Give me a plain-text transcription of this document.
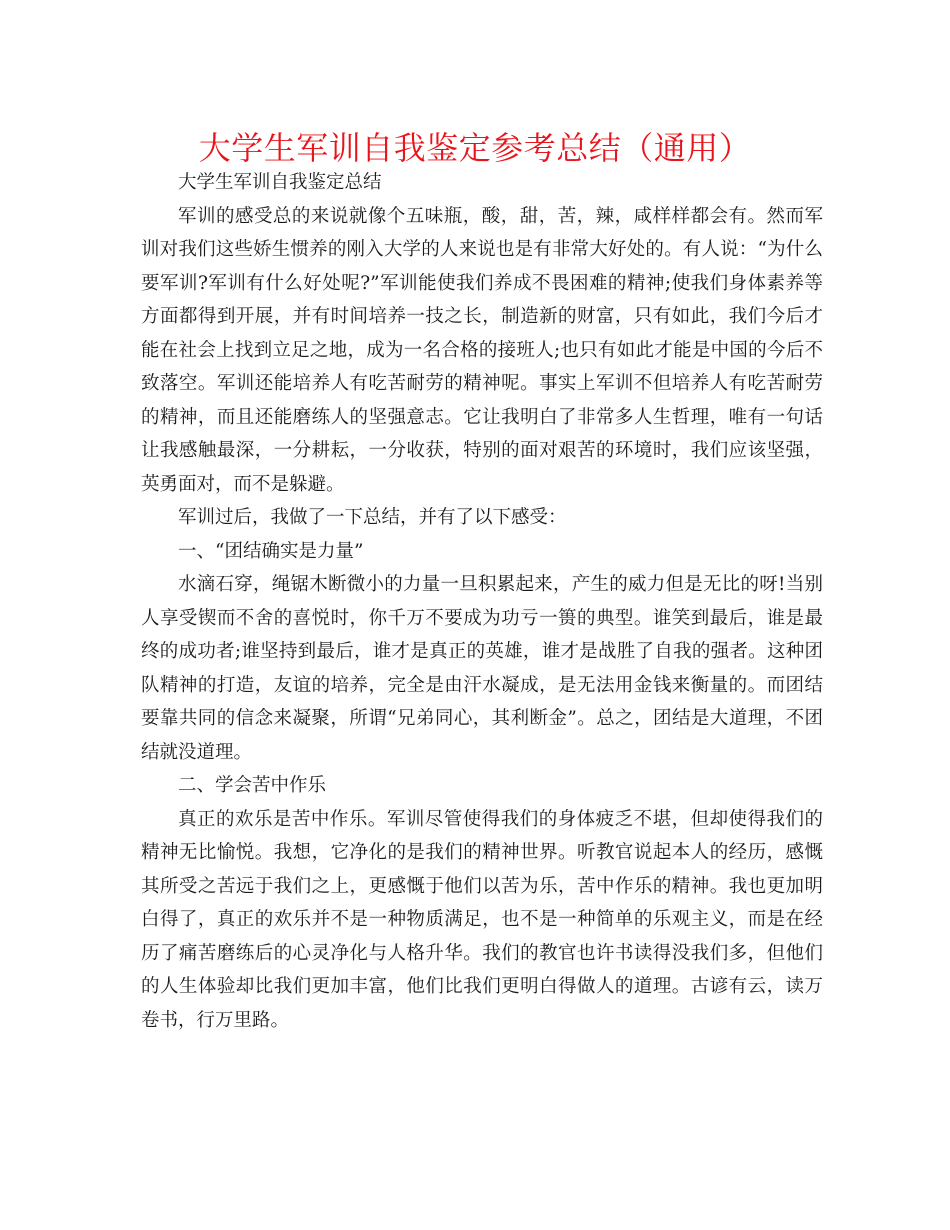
大学生军训自我鉴定参考总结（通用）

大学生军训自我鉴定总结

军训的感受总的来说就像个五味瓶，酸，甜，苦，辣，咸样样都会有。然而军训对我们这些娇生惯养的刚入大学的人来说也是有非常大好处的。有人说：“为什么要军训?军训有什么好处呢?”军训能使我们养成不畏困难的精神;使我们身体素养等方面都得到开展，并有时间培养一技之长，制造新的财富，只有如此，我们今后才能在社会上找到立足之地，成为一名合格的接班人;也只有如此才能是中国的今后不致落空。军训还能培养人有吃苦耐劳的精神呢。事实上军训不但培养人有吃苦耐劳的精神，而且还能磨练人的坚强意志。它让我明白了非常多人生哲理，唯有一句话让我感触最深，一分耕耘，一分收获，特别的面对艰苦的环境时，我们应该坚强，英勇面对，而不是躲避。

军训过后，我做了一下总结，并有了以下感受：

一、“团结确实是力量”

水滴石穿，绳锯木断微小的力量一旦积累起来，产生的威力但是无比的呀!当别人享受锲而不舍的喜悦时，你千万不要成为功亏一篑的典型。谁笑到最后，谁是最终的成功者;谁坚持到最后，谁才是真正的英雄，谁才是战胜了自我的强者。这种团队精神的打造，友谊的培养，完全是由汗水凝成，是无法用金钱来衡量的。而团结要靠共同的信念来凝聚，所谓“兄弟同心，其利断金”。总之，团结是大道理，不团结就没道理。

二、学会苦中作乐

真正的欢乐是苦中作乐。军训尽管使得我们的身体疲乏不堪，但却使得我们的精神无比愉悦。我想，它净化的是我们的精神世界。听教官说起本人的经历，感慨其所受之苦远于我们之上，更感慨于他们以苦为乐，苦中作乐的精神。我也更加明白得了，真正的欢乐并不是一种物质满足，也不是一种简单的乐观主义，而是在经历了痛苦磨练后的心灵净化与人格升华。我们的教官也许书读得没我们多，但他们的人生体验却比我们更加丰富，他们比我们更明白得做人的道理。古谚有云，读万卷书，行万里路。
